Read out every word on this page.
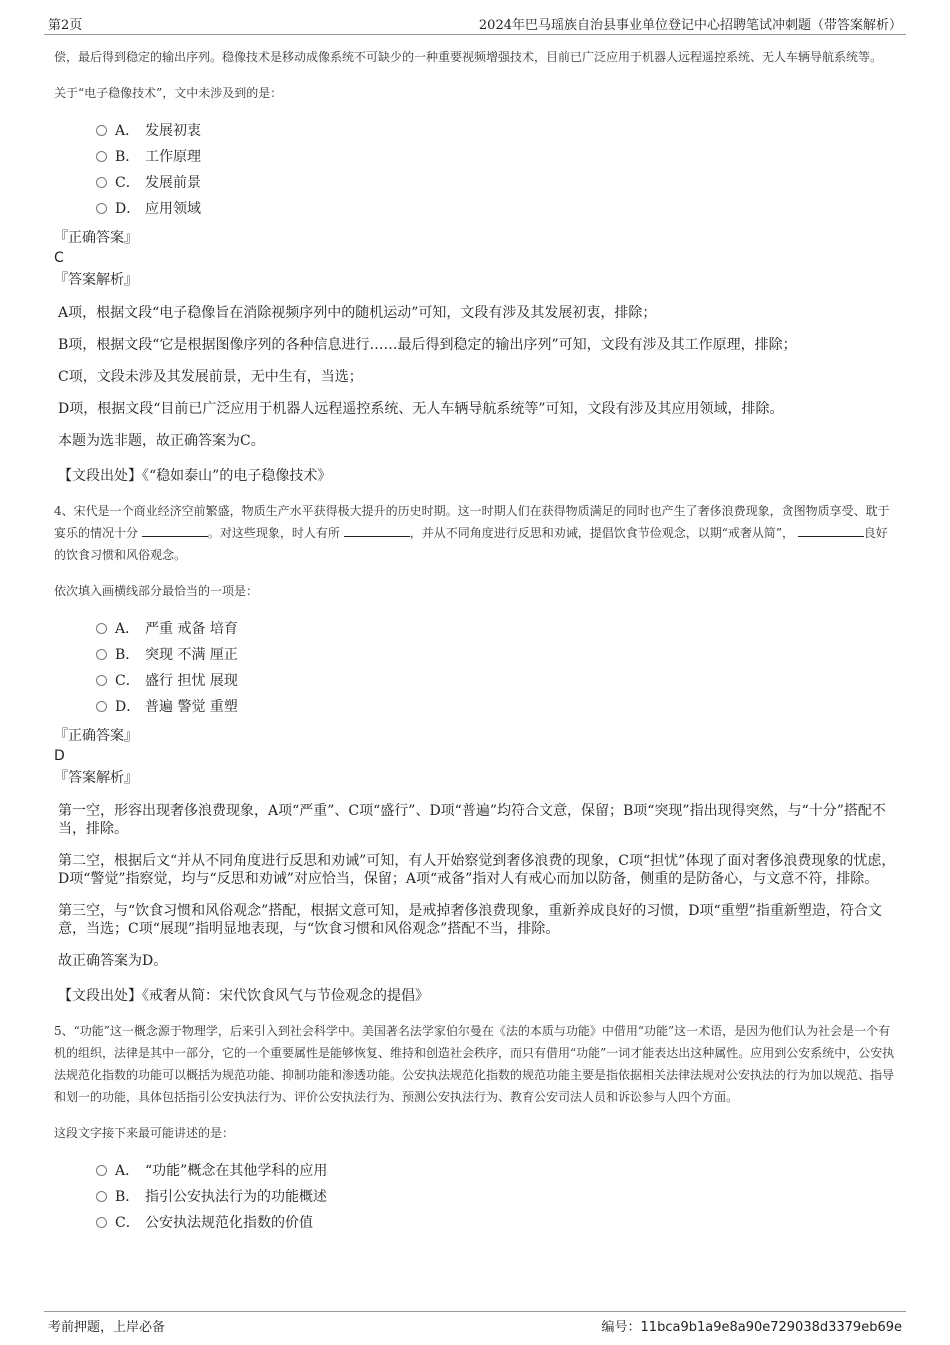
第2页	2024年巴马瑶族自治县事业单位登记中心招聘笔试冲刺题（带答案解析）
偿，最后得到稳定的输出序列。稳像技术是移动成像系统不可缺少的一种重要视频增强技术，目前已广泛应用于机器人远程遥控系统、无人车辆导航系统等。
关于“电子稳像技术”，文中未涉及到的是：
A． 发展初衷
B． 工作原理
C． 发展前景
D． 应用领域
『正确答案』
C
『答案解析』
A项，根据文段“电子稳像旨在消除视频序列中的随机运动”可知，文段有涉及其发展初衷，排除；
B项，根据文段“它是根据图像序列的各种信息进行……最后得到稳定的输出序列”可知，文段有涉及其工作原理，排除；
C项，文段未涉及其发展前景，无中生有，当选；
D项，根据文段“目前已广泛应用于机器人远程遥控系统、无人车辆导航系统等”可知，文段有涉及其应用领域，排除。
本题为选非题，故正确答案为C。
【文段出处】《“稳如泰山”的电子稳像技术》
4、宋代是一个商业经济空前繁盛，物质生产水平获得极大提升的历史时期。这一时期人们在获得物质满足的同时也产生了奢侈浪费现象，贪图物质享受、耽于宴乐的情况十分	。对这些现象，时人有所	，并从不同角度进行反思和劝诫，提倡饮食节俭观念，以期“戒奢从简”，	良好的饮食习惯和风俗观念。
依次填入画横线部分最恰当的一项是：
A． 严重 戒备 培育
B． 突现 不满 厘正
C． 盛行 担忧 展现
D． 普遍 警觉 重塑
『正确答案』
D
『答案解析』
第一空，形容出现奢侈浪费现象，A项“严重”、C项“盛行”、D项“普遍”均符合文意，保留；B项“突现”指出现得突然，与“十分”搭配不当，排除。
第二空，根据后文“并从不同角度进行反思和劝诫”可知，有人开始察觉到奢侈浪费的现象，C项“担忧”体现了面对奢侈浪费现象的忧虑，D项“警觉”指察觉，均与“反思和劝诫”对应恰当，保留；A项“戒备”指对人有戒心而加以防备，侧重的是防备心，与文意不符，排除。
第三空，与“饮食习惯和风俗观念”搭配，根据文意可知，是戒掉奢侈浪费现象，重新养成良好的习惯，D项“重塑”指重新塑造，符合文意，当选；C项“展现”指明显地表现，与“饮食习惯和风俗观念”搭配不当，排除。
故正确答案为D。
【文段出处】《戒奢从简：宋代饮食风气与节俭观念的提倡》
5、“功能”这一概念源于物理学，后来引入到社会科学中。美国著名法学家伯尔曼在《法的本质与功能》中借用“功能”这一术语，是因为他们认为社会是一个有机的组织，法律是其中一部分，它的一个重要属性是能够恢复、维持和创造社会秩序，而只有借用“功能”一词才能表达出这种属性。应用到公安系统中，公安执法规范化指数的功能可以概括为规范功能、抑制功能和渗透功能。公安执法规范化指数的规范功能主要是指依据相关法律法规对公安执法的行为加以规范、指导和划一的功能，具体包括指引公安执法行为、评价公安执法行为、预测公安执法行为、教育公安司法人员和诉讼参与人四个方面。
这段文字接下来最可能讲述的是：
A． “功能”概念在其他学科的应用
B． 指引公安执法行为的功能概述
C． 公安执法规范化指数的价值
考前押题，上岸必备	编号：11bca9b1a9e8a90e729038d3379eb69e
